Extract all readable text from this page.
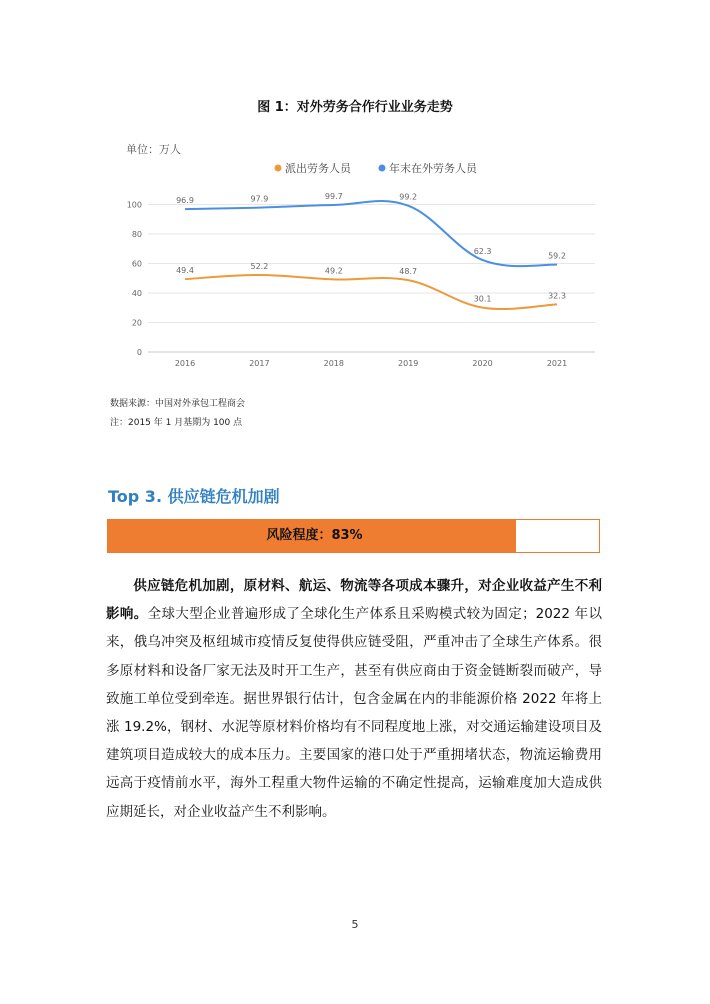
图 1：对外劳务合作行业业务走势
单位：万人
派出劳务人员	年末在外劳务人员
0
20
40
60
80
100
2016	2017	2018	2019	2020	2021
49.4	52.2	49.2	48.7
30.1	32.3
96.9	97.9	99.7	99.2
62.3
59.2
数据来源：中国对外承包工程商会
注：2015 年 1 月基期为 100 点
Top 3. 供应链危机加剧
风险程度：83%
供应链危机加剧，原材料、航运、物流等各项成本骤升，对企业收益产生不利影响。全球大型企业普遍形成了全球化生产体系且采购模式较为固定；2022 年以来，俄乌冲突及枢纽城市疫情反复使得供应链受阻，严重冲击了全球生产体系。很多原材料和设备厂家无法及时开工生产，甚至有供应商由于资金链断裂而破产，导致施工单位受到牵连。据世界银行估计，包含金属在内的非能源价格 2022 年将上涨 19.2%，钢材、水泥等原材料价格均有不同程度地上涨，对交通运输建设项目及建筑项目造成较大的成本压力。主要国家的港口处于严重拥堵状态，物流运输费用远高于疫情前水平，海外工程重大物件运输的不确定性提高，运输难度加大造成供应期延长，对企业收益产生不利影响。
5
